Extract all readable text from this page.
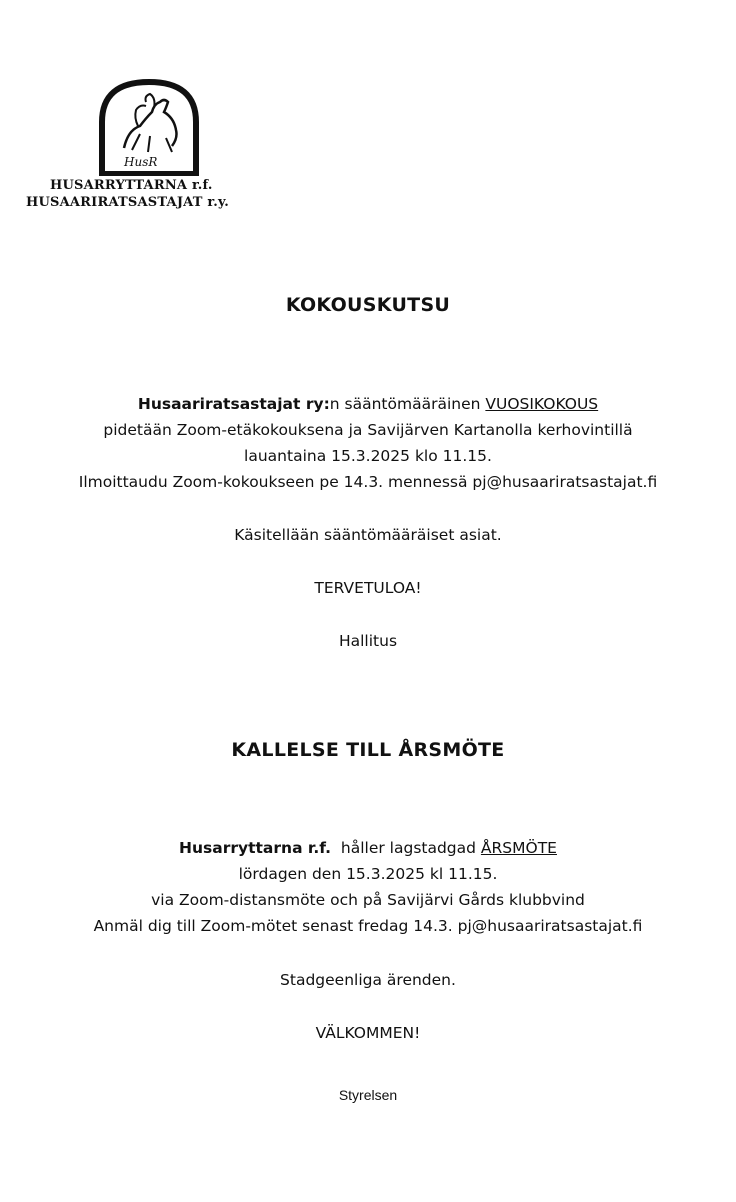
HusR
HUSARRYTTARNA r.f.
HUSAARIRATSASTAJAT r.y.
KOKOUSKUTSU
Husaariratsastajat ry:n sääntömääräinen VUOSIKOKOUS
pidetään Zoom-etäkokouksena ja Savijärven Kartanolla kerhovintillä
lauantaina 15.3.2025 klo 11.15.
Ilmoittaudu Zoom-kokoukseen pe 14.3. mennessä pj@husaariratsastajat.fi
Käsitellään sääntömääräiset asiat.
TERVETULOA!
Hallitus
KALLELSE TILL ÅRSMÖTE
Husarryttarna r.f.  håller lagstadgad ÅRSMÖTE
lördagen den 15.3.2025 kl 11.15.
via Zoom-distansmöte och på Savijärvi Gårds klubbvind
Anmäl dig till Zoom-mötet senast fredag 14.3. pj@husaariratsastajat.fi
Stadgeenliga ärenden.
VÄLKOMMEN!
Styrelsen
